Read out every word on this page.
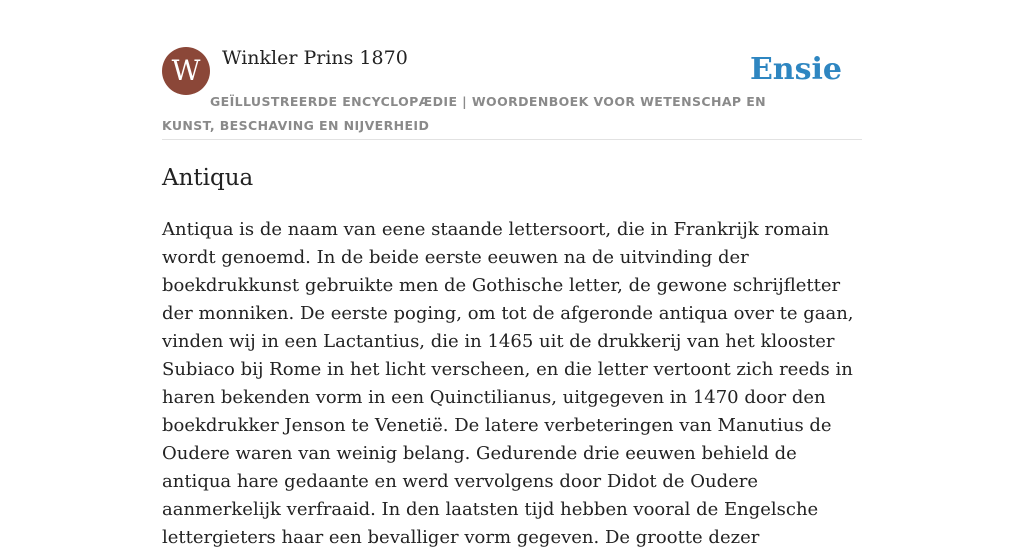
W	Winkler Prins 1870	Ensie
GEÏLLUSTREERDE ENCYCLOPÆDIE | WOORDENBOEK VOOR WETENSCHAP EN KUNST, BESCHAVING EN NIJVERHEID
Antiqua

Antiqua is de naam van eene staande lettersoort, die in Frankrijk romain wordt genoemd. In de beide eerste eeuwen na de uitvinding der boekdrukkunst gebruikte men de Gothische letter, de gewone schrijfletter der monniken. De eerste poging, om tot de afgeronde antiqua over te gaan, vinden wij in een Lactantius, die in 1465 uit de drukkerij van het klooster Subiaco bij Rome in het licht verscheen, en die letter vertoont zich reeds in haren bekenden vorm in een Quinctilianus, uitgegeven in 1470 door den boekdrukker Jenson te Venetië. De latere verbeteringen van Manutius de Oudere waren van weinig belang. Gedurende drie eeuwen behield de antiqua hare gedaante en werd vervolgens door Didot de Oudere aanmerkelijk verfraaid. In den laatsten tijd hebben vooral de Engelsche lettergieters haar een bevalliger vorm gegeven. De grootte dezer
